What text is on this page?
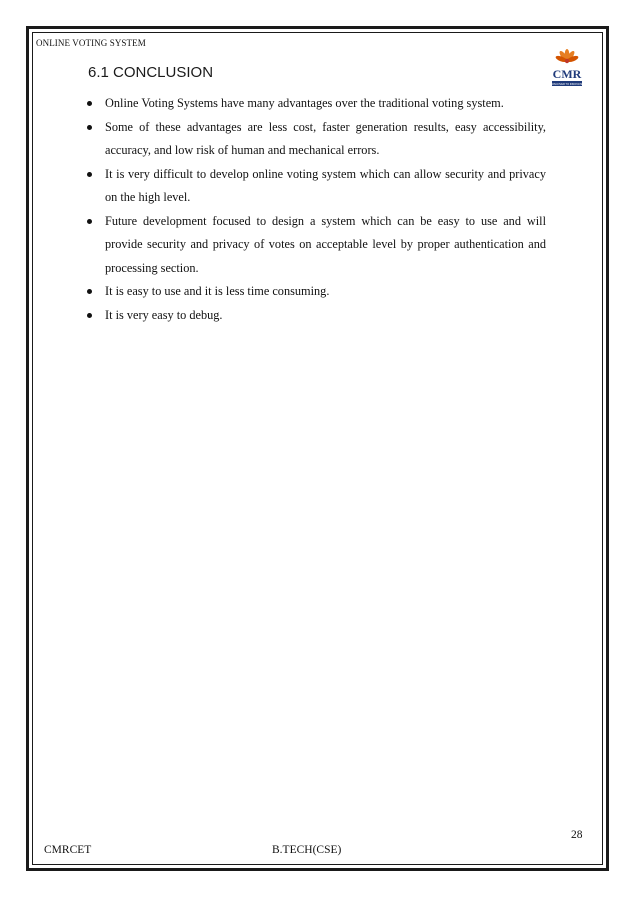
ONLINE VOTING SYSTEM
CMR
DISCOVER TO INNOVATE
6.1 CONCLUSION
Online Voting Systems have many advantages over the traditional voting system.
Some of these advantages are less cost, faster generation results, easy accessibility, accuracy, and low risk of human and mechanical errors.
It is very difficult to develop online voting system which can allow security and privacy on the high level.
Future development focused to design a system which can be easy to use and will provide security and privacy of votes on acceptable level by proper authentication and processing section.
It is easy to use and it is less time consuming.
It is very easy to debug.
28
CMRCET	B.TECH(CSE)
